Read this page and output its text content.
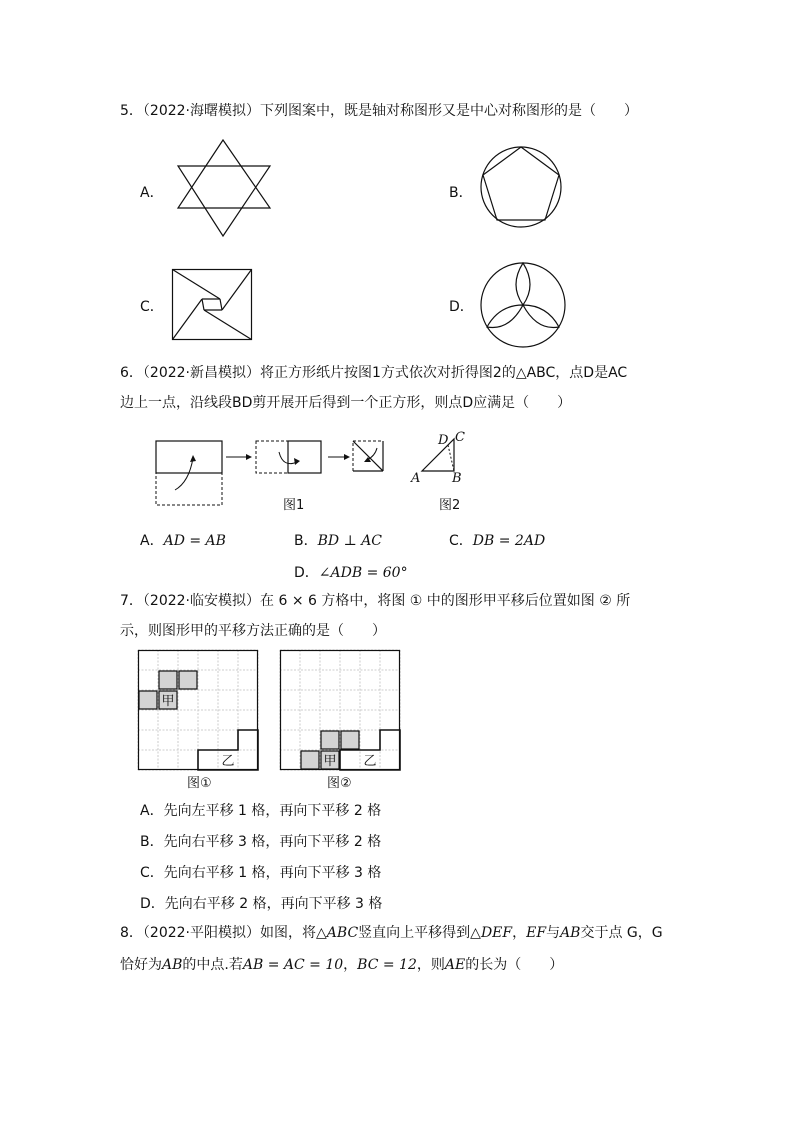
5．（2022·海曙模拟）下列图案中，既是轴对称图形又是中心对称图形的是（　　）
A．	B．
C．	D．
6．（2022·新昌模拟）将正方形纸片按图1方式依次对折得图2的△ABC，点D是AC
边上一点，沿线段BD剪开展开后得到一个正方形，则点D应满足（　　）
图1
A B
C
D
图2
A．AD = AB	B．BD ⊥ AC	C．DB = 2AD
D．∠ADB = 60°
7．（2022·临安模拟）在 6 × 6 方格中，将图 ① 中的图形甲平移后位置如图 ② 所
示，则图形甲的平移方法正确的是（　　）
甲
乙
图①
甲 乙
图②
A．先向左平移 1 格，再向下平移 2 格
B．先向右平移 3 格，再向下平移 2 格
C．先向右平移 1 格，再向下平移 3 格
D．先向右平移 2 格，再向下平移 3 格
8．（2022·平阳模拟）如图，将△ABC竖直向上平移得到△DEF，EF与AB交于点 G，G
恰好为AB的中点.若AB = AC = 10，BC = 12，则AE的长为（　　）
